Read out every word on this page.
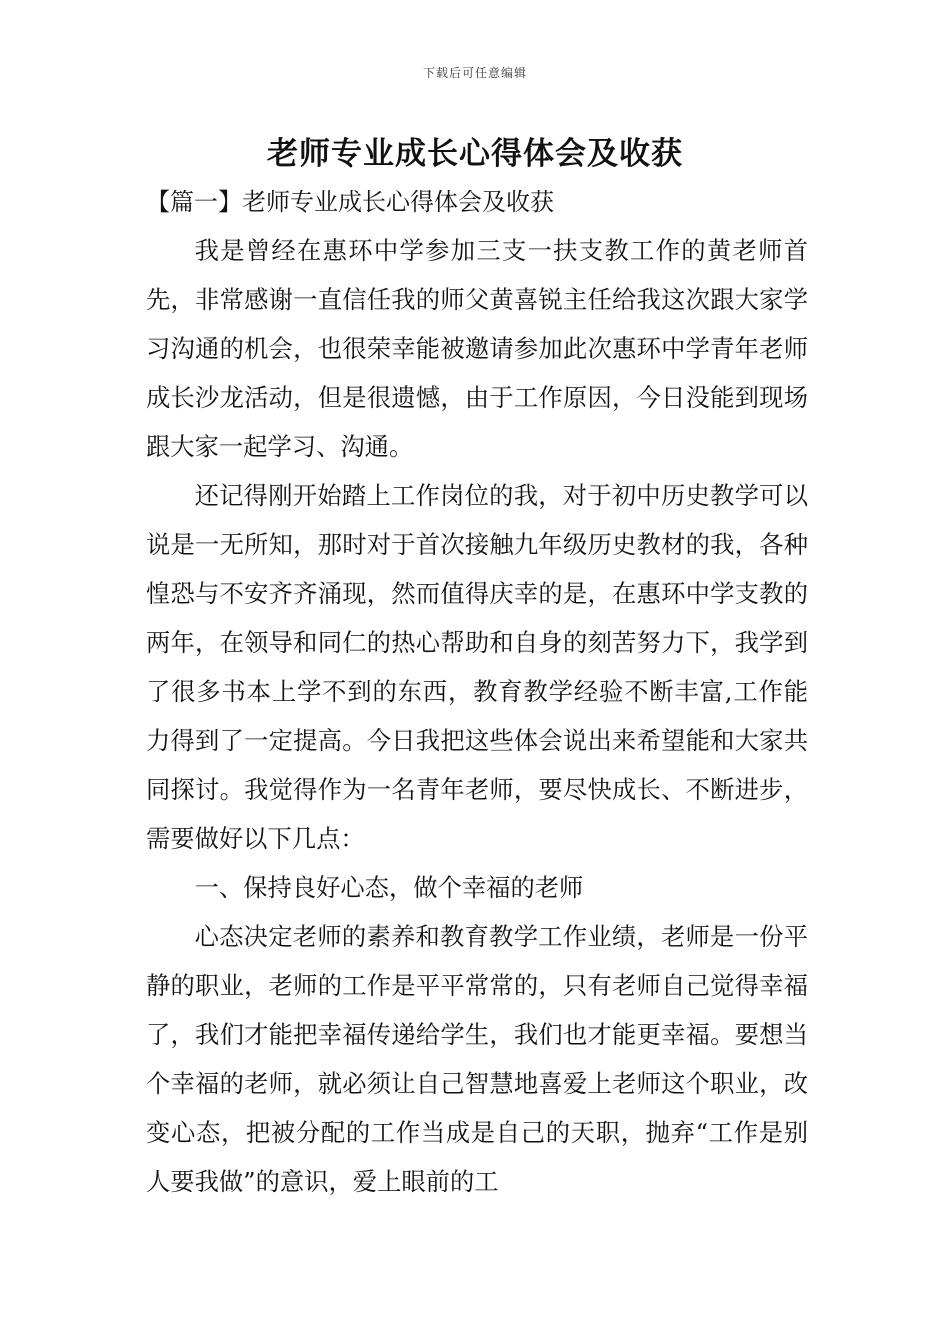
下载后可任意编辑
老师专业成长心得体会及收获
【篇一】老师专业成长心得体会及收获

我是曾经在惠环中学参加三支一扶支教工作的黄老师首先，非常感谢一直信任我的师父黄喜锐主任给我这次跟大家学习沟通的机会，也很荣幸能被邀请参加此次惠环中学青年老师成长沙龙活动，但是很遗憾，由于工作原因，今日没能到现场跟大家一起学习、沟通。

还记得刚开始踏上工作岗位的我，对于初中历史教学可以说是一无所知，那时对于首次接触九年级历史教材的我，各种惶恐与不安齐齐涌现，然而值得庆幸的是，在惠环中学支教的两年，在领导和同仁的热心帮助和自身的刻苦努力下，我学到了很多书本上学不到的东西，教育教学经验不断丰富,工作能力得到了一定提高。今日我把这些体会说出来希望能和大家共同探讨。我觉得作为一名青年老师，要尽快成长、不断进步，需要做好以下几点：

一、保持良好心态，做个幸福的老师

心态决定老师的素养和教育教学工作业绩，老师是一份平静的职业，老师的工作是平平常常的，只有老师自己觉得幸福了，我们才能把幸福传递给学生，我们也才能更幸福。要想当个幸福的老师，就必须让自己智慧地喜爱上老师这个职业，改变心态，把被分配的工作当成是自己的天职，抛弃“工作是别人要我做”的意识，爱上眼前的工
